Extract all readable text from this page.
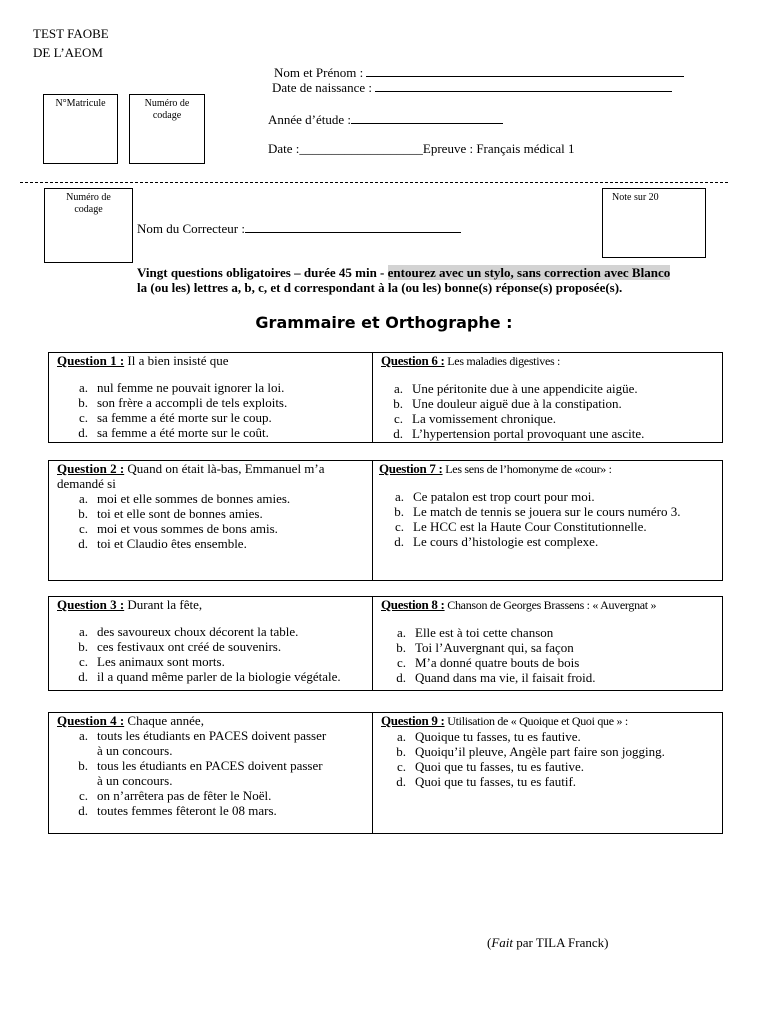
TEST FAOBE
DE L’AEOM
Nom et Prénom :
Date de naissance :
Année d’étude :
Date :___________________Epreuve : Français médical 1
N°Matricule	Numéro de codage
Numéro de codage
Note sur 20
Nom du Correcteur :
Vingt questions obligatoires – durée 45 min - entourez avec un stylo, sans correction avec Blanco la (ou les) lettres a, b, c, et d correspondant à la (ou les) bonne(s) réponse(s) proposée(s).
Grammaire et Orthographe :
Question 1 : Il a bien insisté que
a. nul femme ne pouvait ignorer la loi.
b. son frère a accompli de tels exploits.
c. sa femme a été morte sur le coup.
d. sa femme a été morte sur le coût.
Question 6 : Les maladies digestives :
a. Une péritonite due à une appendicite aigüe.
b. Une douleur aiguë due à la constipation.
c. La vomissement chronique.
d. L’hypertension portal provoquant une ascite.
Question 2 : Quand on était là-bas, Emmanuel m’a demandé si
a. moi et elle sommes de bonnes amies.
b. toi et elle sont de bonnes amies.
c. moi et vous sommes de bons amis.
d. toi et Claudio êtes ensemble.
Question 7 : Les sens de l’homonyme de «cour» :
a. Ce patalon est trop court pour moi.
b. Le match de tennis se jouera sur le cours numéro 3.
c. Le HCC est la Haute Cour Constitutionnelle.
d. Le cours d’histologie est complexe.
Question 3 : Durant la fête,
a. des savoureux choux décorent la table.
b. ces festivaux ont créé de souvenirs.
c. Les animaux sont morts.
d. il a quand même parler de la biologie végétale.
Question 8 : Chanson de Georges Brassens : « Auvergnat »
a. Elle est à toi cette chanson
b. Toi l’Auvergnant qui, sa façon
c. M’a donné quatre bouts de bois
d. Quand dans ma vie, il faisait froid.
Question 4 : Chaque année,
a. touts les étudiants en PACES doivent passer à un concours.
b. tous les étudiants en PACES doivent passer à un concours.
c. on n’arrêtera pas de fêter le Noël.
d. toutes femmes fêteront le 08 mars.
Question 9 : Utilisation de « Quoique et Quoi que » :
a. Quoique tu fasses, tu es fautive.
b. Quoiqu’il pleuve, Angèle part faire son jogging.
c. Quoi que tu fasses, tu es fautive.
d. Quoi que tu fasses, tu es fautif.
(Fait par TILA Franck)
